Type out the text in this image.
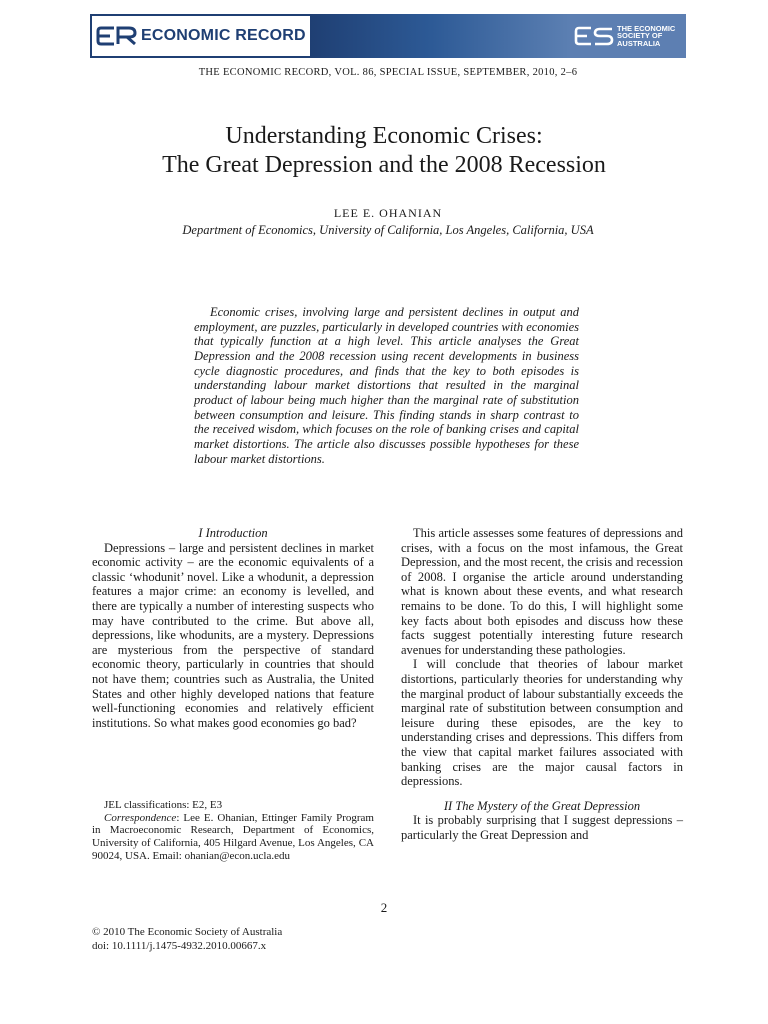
ECONOMIC RECORD	THE ECONOMIC
SOCIETY OF
AUSTRALIA
THE ECONOMIC RECORD, VOL. 86, SPECIAL ISSUE, SEPTEMBER, 2010, 2–6
Understanding Economic Crises:
The Great Depression and the 2008 Recession
LEE E. OHANIAN
Department of Economics, University of California, Los Angeles, California, USA
Economic crises, involving large and persistent declines in output and employment, are puzzles, particularly in developed countries with economies that typically function at a high level. This article analyses the Great Depression and the 2008 recession using recent developments in business cycle diagnostic procedures, and finds that the key to both episodes is understanding labour market distortions that resulted in the marginal product of labour being much higher than the marginal rate of substitution between consumption and leisure. This finding stands in sharp contrast to the received wisdom, which focuses on the role of banking crises and capital market distortions. The article also discusses possible hypotheses for these labour market distortions.

I Introduction

Depressions – large and persistent declines in market economic activity – are the economic equivalents of a classic ‘whodunit’ novel. Like a whodunit, a depression features a major crime: an economy is levelled, and there are typically a number of interesting suspects who may have contributed to the crime. But above all, depressions, like whodunits, are a mystery. Depressions are mysterious from the perspective of standard economic theory, particularly in countries that should not have them; countries such as Australia, the United States and other highly developed nations that feature well-functioning economies and relatively efficient institutions. So what makes good economies go bad?

JEL classifications: E2, E3

Correspondence: Lee E. Ohanian, Ettinger Family Program in Macroeconomic Research, Department of Economics, University of California, 405 Hilgard Avenue, Los Angeles, CA 90024, USA. Email: ohanian@econ.ucla.edu

This article assesses some features of depressions and crises, with a focus on the most infamous, the Great Depression, and the most recent, the crisis and recession of 2008. I organise the article around understanding what is known about these events, and what research remains to be done. To do this, I will highlight some key facts about both episodes and discuss how these facts suggest potentially interesting future research avenues for understanding these pathologies.

I will conclude that theories of labour market distortions, particularly theories for understanding why the marginal product of labour substantially exceeds the marginal rate of substitution between consumption and leisure during these episodes, are the key to understanding crises and depressions. This differs from the view that capital market failures associated with banking crises are the major causal factors in depressions.

II The Mystery of the Great Depression

It is probably surprising that I suggest depressions – particularly the Great Depression and

2
© 2010 The Economic Society of Australia
doi: 10.1111/j.1475-4932.2010.00667.x
